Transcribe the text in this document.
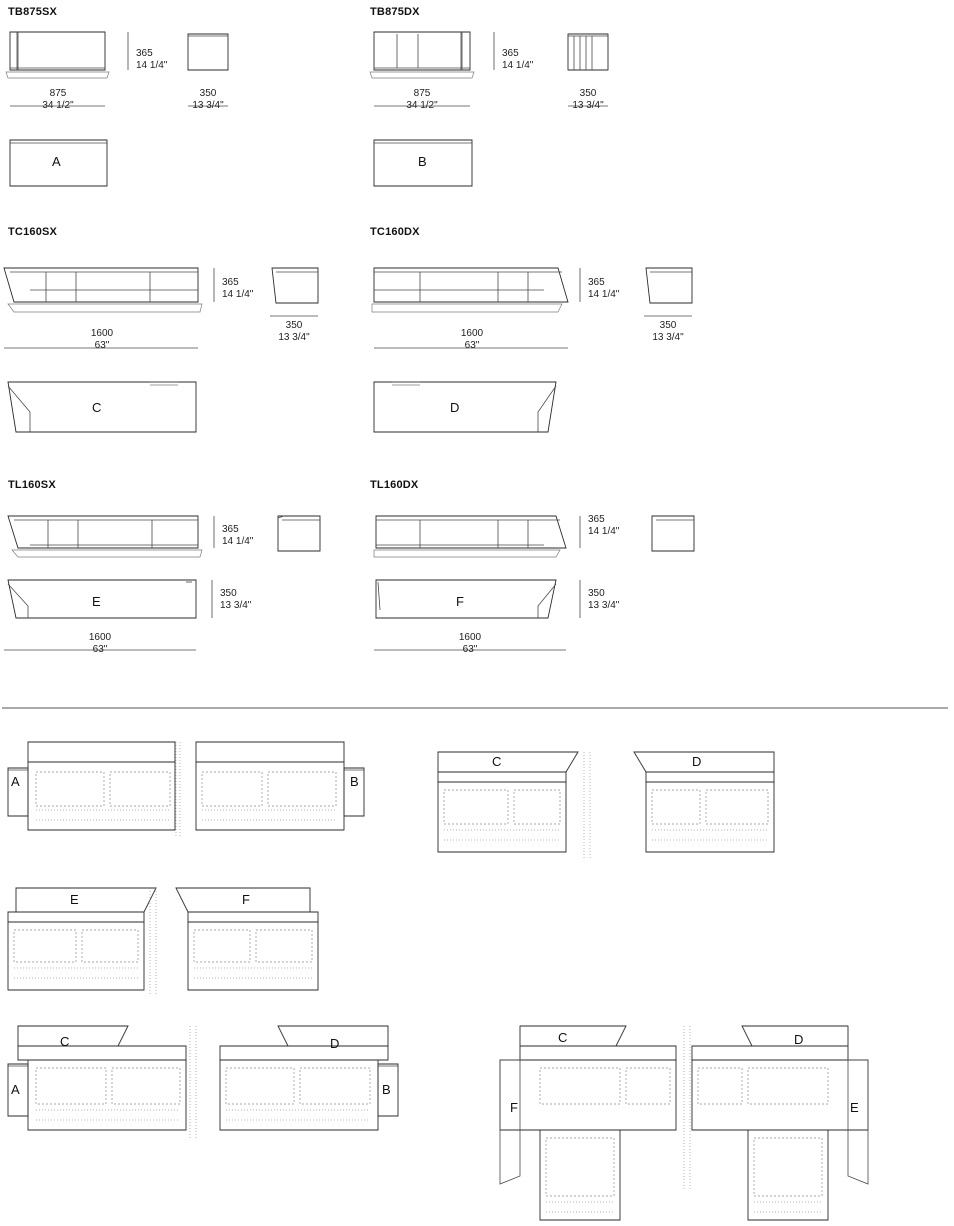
TB875SX
365
14 1/4"
875
34 1/2"
350
13 3/4"
A
TB875DX
365
14 1/4"
875
34 1/2"
350
13 3/4"
B
TC160SX
365
14 1/4"
1600
63"
350
13 3/4"
C
TC160DX
365
14 1/4"
1600
63"
350
13 3/4"
D
TL160SX
365
14 1/4"
350
13 3/4"
1600
63"
E
TL160DX
365
14 1/4"
350
13 3/4"
1600
63"
F
A	B
C	D
E	F
C
A
D
B
C
F
D
E
